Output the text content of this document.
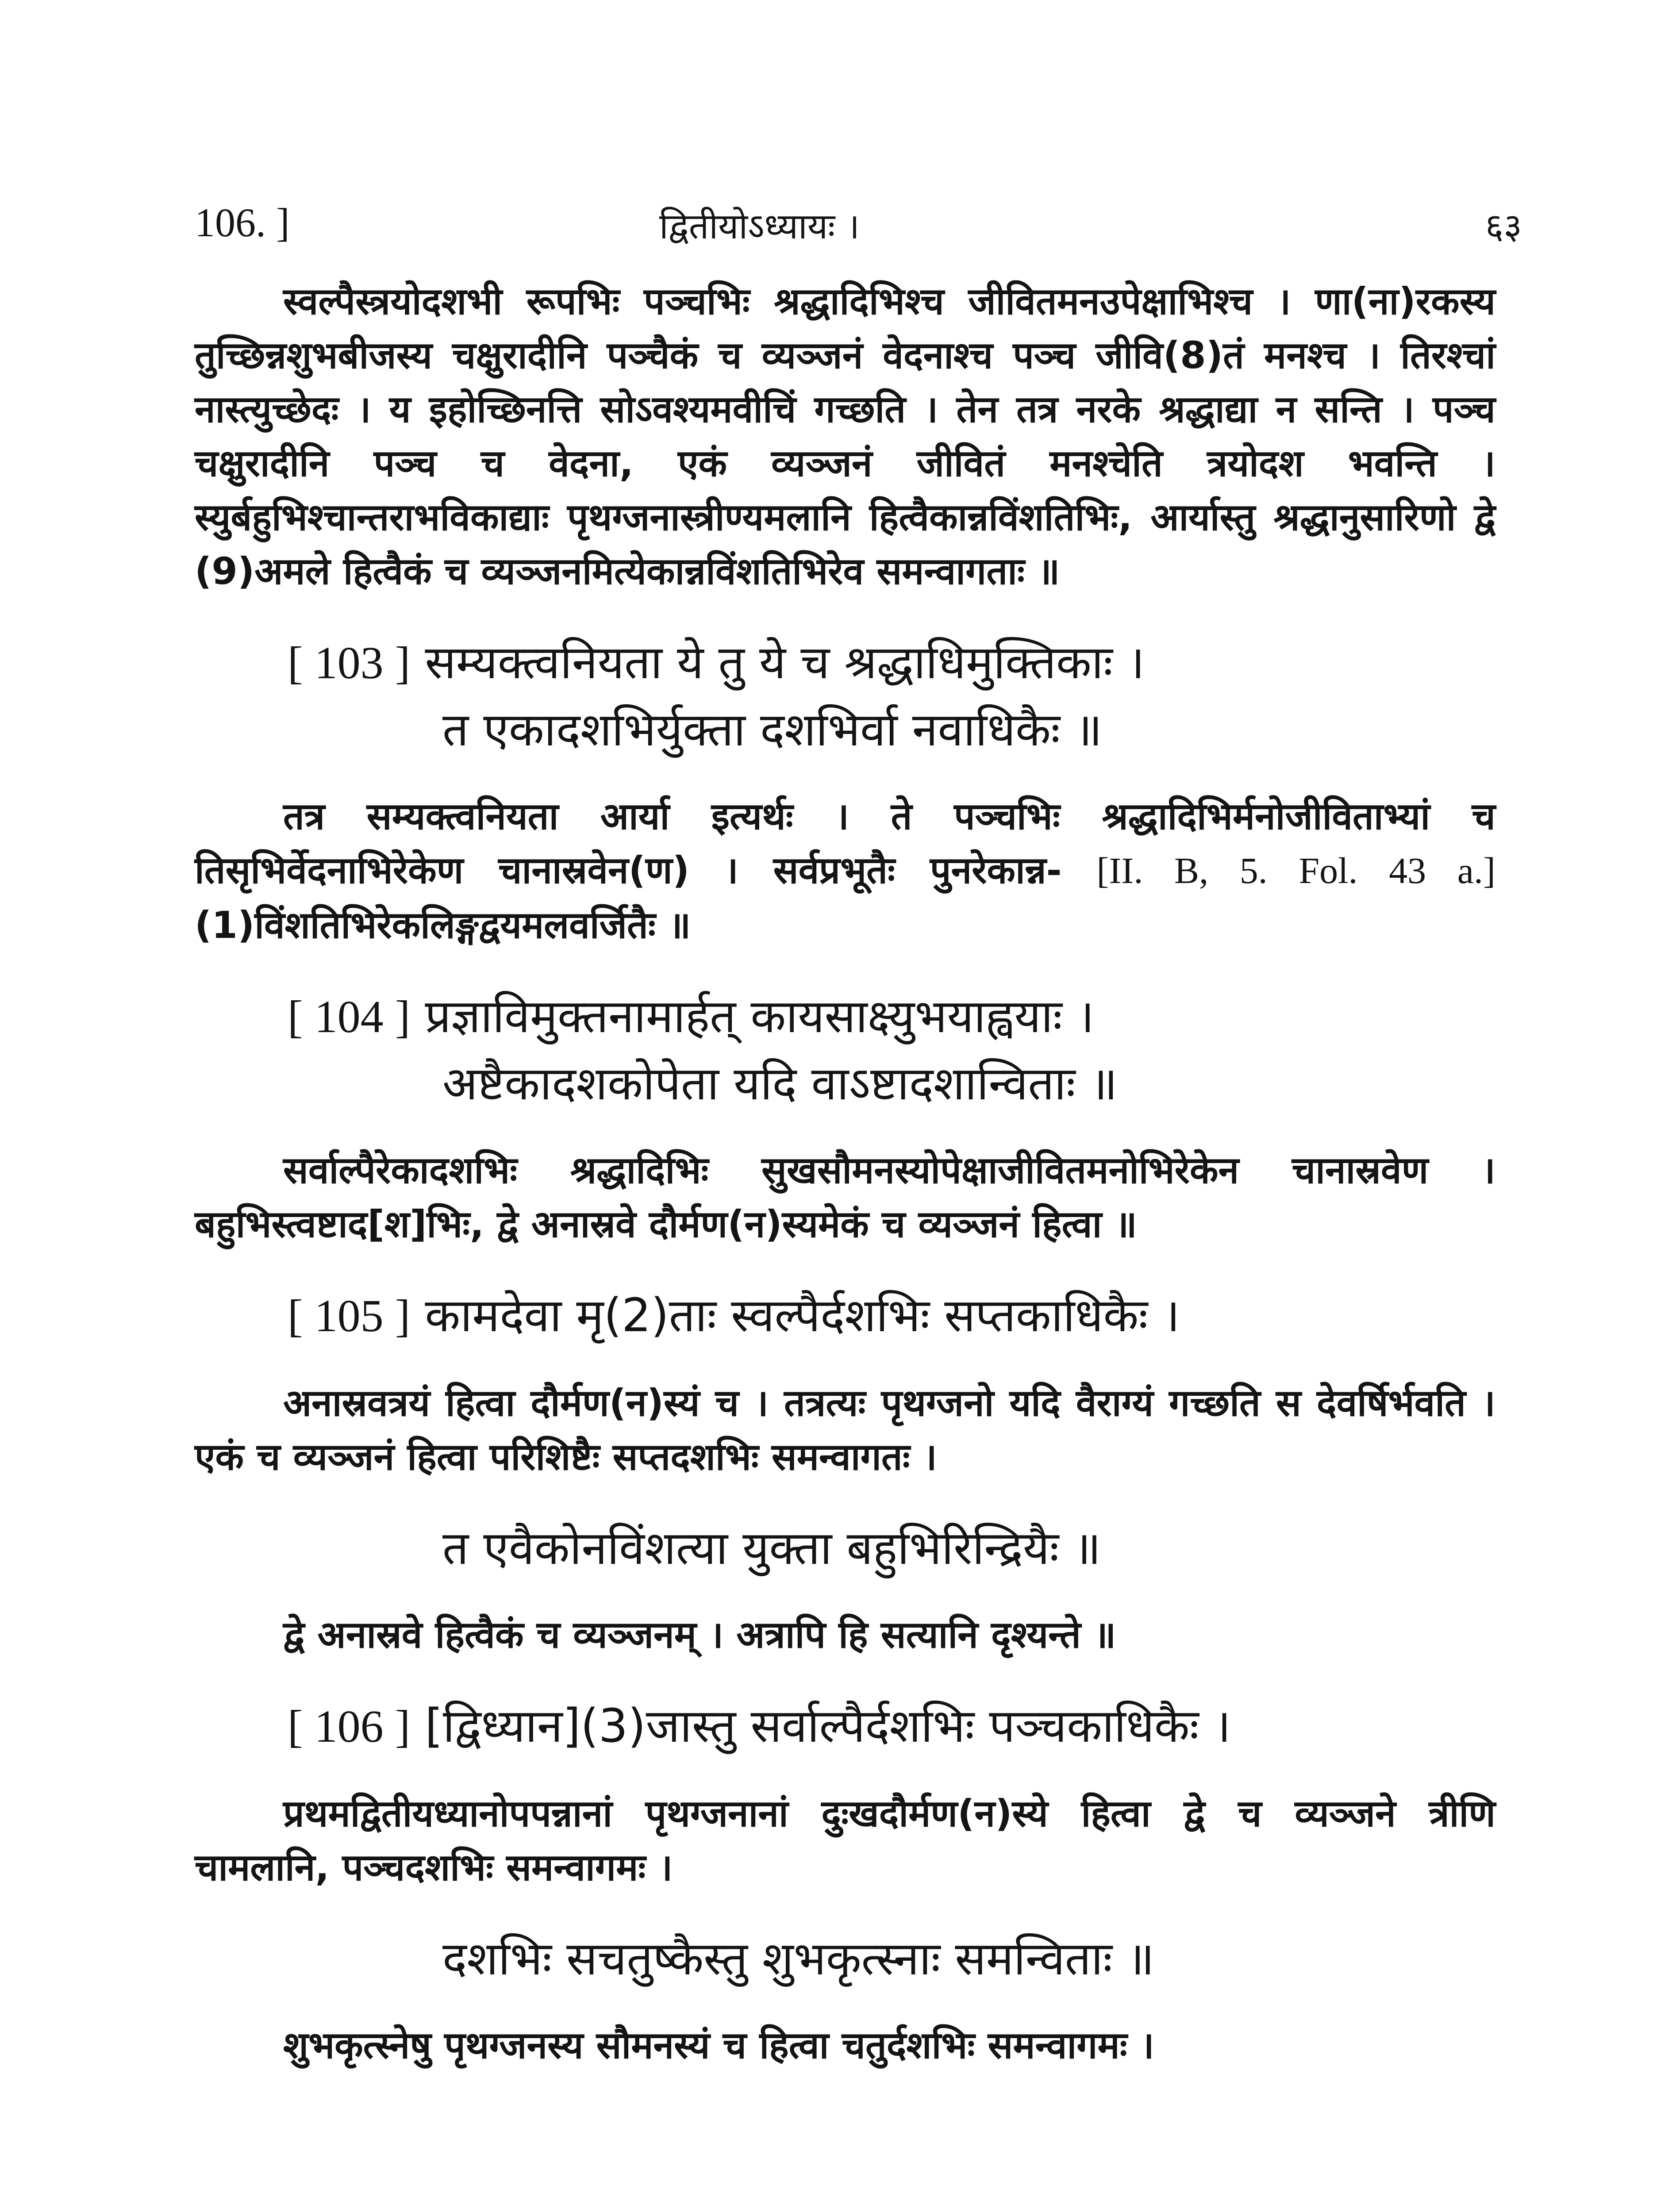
106. ]	द्वितीयोऽध्यायः ।	६३

स्वल्पैस्त्रयोदशभी रूपभिः पञ्चभिः श्रद्धादिभिश्च जीवितमनउपेक्षाभिश्च । णा(ना)रकस्य तुच्छिन्नशुभबीजस्य चक्षुरादीनि पञ्चैकं च व्यञ्जनं वेदनाश्च पञ्च जीवि(8)तं मनश्च । तिरश्चां नास्त्युच्छेदः । य इहोच्छिनत्ति सोऽवश्यमवीचिं गच्छति । तेन तत्र नरके श्रद्धाद्या न सन्ति । पञ्च चक्षुरादीनि पञ्च च वेदना, एकं व्यञ्जनं जीवितं मनश्चेति त्रयोदश भवन्ति । स्युर्बहुभिश्चान्तराभविकाद्याः पृथग्जनास्त्रीण्यमलानि हित्वैकान्नविंशतिभिः, आर्यास्तु श्रद्धानुसारिणो द्वे (9)अमले हित्वैकं च व्यञ्जनमित्येकान्नविंशतिभिरेव समन्वागताः ॥

[ 103 ] सम्यक्त्वनियता ये तु ये च श्रद्धाधिमुक्तिकाः ।
त एकादशभिर्युक्ता दशभिर्वा नवाधिकैः ॥

तत्र सम्यक्त्वनियता आर्या इत्यर्थः । ते पञ्चभिः श्रद्धादिभिर्मनोजीविताभ्यां च तिसृभिर्वेदनाभिरेकेण चानास्रवेन(ण) । सर्वप्रभूतैः पुनरेकान्न- [II. B, 5. Fol. 43 a.](1)विंशतिभिरेकलिङ्गद्वयमलवर्जितैः ॥

[ 104 ] प्रज्ञाविमुक्तनामार्हत् कायसाक्ष्युभयाह्वयाः ।
अष्टैकादशकोपेता यदि वाऽष्टादशान्विताः ॥

सर्वाल्पैरेकादशभिः श्रद्धादिभिः सुखसौमनस्योपेक्षाजीवितमनोभिरेकेन चानास्रवेण । बहुभिस्त्वष्टाद[श]भिः, द्वे अनास्रवे दौर्मण(न)स्यमेकं च व्यञ्जनं हित्वा ॥

[ 105 ] कामदेवा मृ(2)ताः स्वल्पैर्दशभिः सप्तकाधिकैः ।

अनास्रवत्रयं हित्वा दौर्मण(न)स्यं च । तत्रत्यः पृथग्जनो यदि वैराग्यं गच्छति स देवर्षिर्भवति । एकं च व्यञ्जनं हित्वा परिशिष्टैः सप्तदशभिः समन्वागतः ।

त एवैकोनविंशत्या युक्ता बहुभिरिन्द्रियैः ॥

द्वे अनास्रवे हित्वैकं च व्यञ्जनम् । अत्रापि हि सत्यानि दृश्यन्ते ॥

[ 106 ] [द्विध्यान](3)जास्तु सर्वाल्पैर्दशभिः पञ्चकाधिकैः ।

प्रथमद्वितीयध्यानोपपन्नानां पृथग्जनानां दुःखदौर्मण(न)स्ये हित्वा द्वे च व्यञ्जने त्रीणि चामलानि, पञ्चदशभिः समन्वागमः ।

दशभिः सचतुष्कैस्तु शुभकृत्स्नाः समन्विताः ॥

शुभकृत्स्नेषु पृथग्जनस्य सौमनस्यं च हित्वा चतुर्दशभिः समन्वागमः ।
